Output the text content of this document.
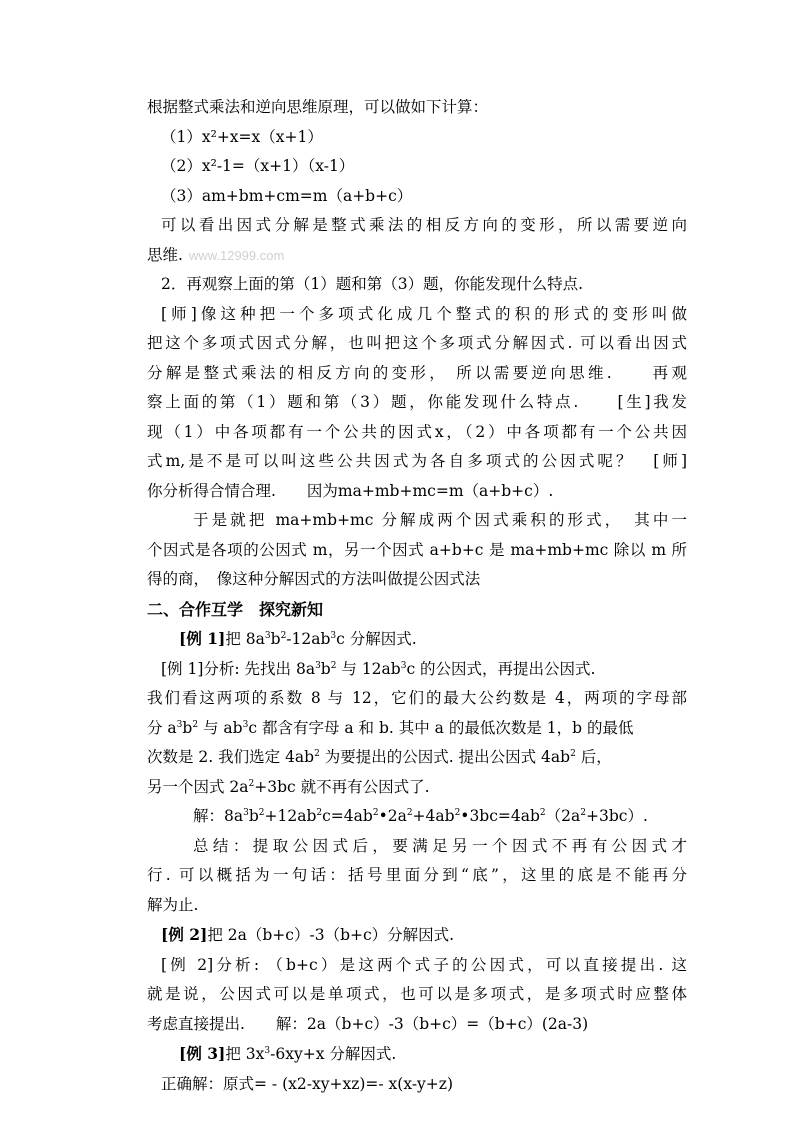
根据整式乘法和逆向思维原理，可以做如下计算：
（1）x²+x=x（x+1）
（2）x²-1=（x+1）（x-1）
（3）am+bm+cm=m（a+b+c）
可以看出因式分解是整式乘法的相反方向的变形，所以需要逆向
思维. www.12999.com
2．再观察上面的第（1）题和第（3）题，你能发现什么特点.
[师]像这种把一个多项式化成几个整式的积的形式的变形叫做
把这个多项式因式分解，也叫把这个多项式分解因式. 可以看出因式
分解是整式乘法的相反方向的变形， 所以需要逆向思维.　　再观
察上面的第（1）题和第（3）题，你能发现什么特点.　　[生]我发
现（1）中各项都有一个公共的因式x，（2）中各项都有一个公共因
式m,是不是可以叫这些公共因式为各自多项式的公因式呢？　[师]
你分析得合情合理.　　因为ma+mb+mc=m（a+b+c）.
于是就把 ma+mb+mc 分解成两个因式乘积的形式，　其中一
个因式是各项的公因式 m，另一个因式 a+b+c 是 ma+mb+mc 除以 m 所
得的商，　像这种分解因式的方法叫做提公因式法
二、合作互学　探究新知
[例 1]把 $8a^3b^2-12ab^3c$ 分解因式.
[例 1]分析: 先找出 $8a^3b^2$ 与 $12ab^3c$ 的公因式，再提出公因式.
我们看这两项的系数 8 与 12，它们的最大公约数是 4，两项的字母部
分 $a^3b^2$ 与 $ab^3c$ 都含有字母 a 和 b. 其中 a 的最低次数是 1，b 的最低
次数是 2. 我们选定 $4ab^2$ 为要提出的公因式. 提出公因式 $4ab^2$ 后，
另一个因式 $2a^2+3bc$ 就不再有公因式了.
解：$8a^3b^2+12ab^2c=4ab^2•2a^2+4ab^2•3bc=4ab^2(2a^2+3bc)$.
总结：提取公因式后，要满足另一个因式不再有公因式才
行. 可以概括为一句话：括号里面分到“底”，这里的底是不能再分
解为止.
[例 2]把 2a（b+c）-3（b+c）分解因式.
[例 2]分析: （b+c）是这两个式子的公因式，可以直接提出. 这
就是说，公因式可以是单项式，也可以是多项式，是多项式时应整体
考虑直接提出.　　解：2a（b+c）-3（b+c）=（b+c）(2a-3)
[例 3]把 $3x^3-6xy+x$ 分解因式.
正确解：原式= - (x2-xy+xz)=- x(x-y+z)
